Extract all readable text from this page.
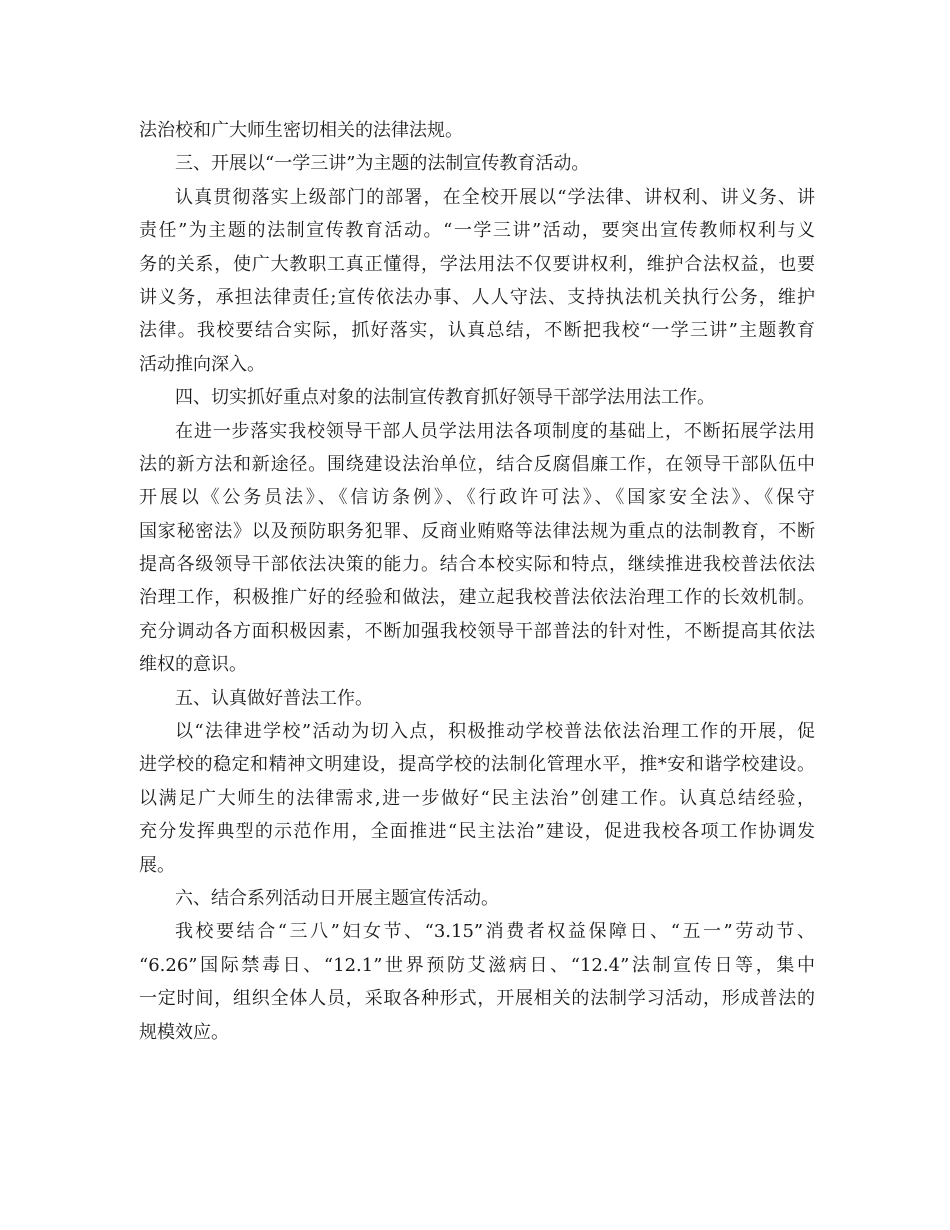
法治校和广大师生密切相关的法律法规。
三、开展以“一学三讲”为主题的法制宣传教育活动。
认真贯彻落实上级部门的部署，在全校开展以“学法律、讲权利、讲义务、讲
责任”为主题的法制宣传教育活动。“一学三讲”活动，要突出宣传教师权利与义
务的关系，使广大教职工真正懂得，学法用法不仅要讲权利，维护合法权益，也要
讲义务，承担法律责任;宣传依法办事、人人守法、支持执法机关执行公务，维护
法律。我校要结合实际，抓好落实，认真总结，不断把我校“一学三讲”主题教育
活动推向深入。
四、切实抓好重点对象的法制宣传教育抓好领导干部学法用法工作。
在进一步落实我校领导干部人员学法用法各项制度的基础上，不断拓展学法用
法的新方法和新途径。围绕建设法治单位，结合反腐倡廉工作，在领导干部队伍中
开展以《公务员法》、《信访条例》、《行政许可法》、《国家安全法》、《保守
国家秘密法》以及预防职务犯罪、反商业贿赂等法律法规为重点的法制教育，不断
提高各级领导干部依法决策的能力。结合本校实际和特点，继续推进我校普法依法
治理工作，积极推广好的经验和做法，建立起我校普法依法治理工作的长效机制。
充分调动各方面积极因素，不断加强我校领导干部普法的针对性，不断提高其依法
维权的意识。
五、认真做好普法工作。
以“法律进学校”活动为切入点，积极推动学校普法依法治理工作的开展，促
进学校的稳定和精神文明建设，提高学校的法制化管理水平，推*安和谐学校建设。
以满足广大师生的法律需求,进一步做好“民主法治”创建工作。认真总结经验，
充分发挥典型的示范作用，全面推进“民主法治”建设，促进我校各项工作协调发
展。
六、结合系列活动日开展主题宣传活动。
我校要结合“三八”妇女节、“3.15”消费者权益保障日、“五一”劳动节、
“6.26”国际禁毒日、“12.1”世界预防艾滋病日、“12.4”法制宣传日等，集中
一定时间，组织全体人员，采取各种形式，开展相关的法制学习活动，形成普法的
规模效应。
